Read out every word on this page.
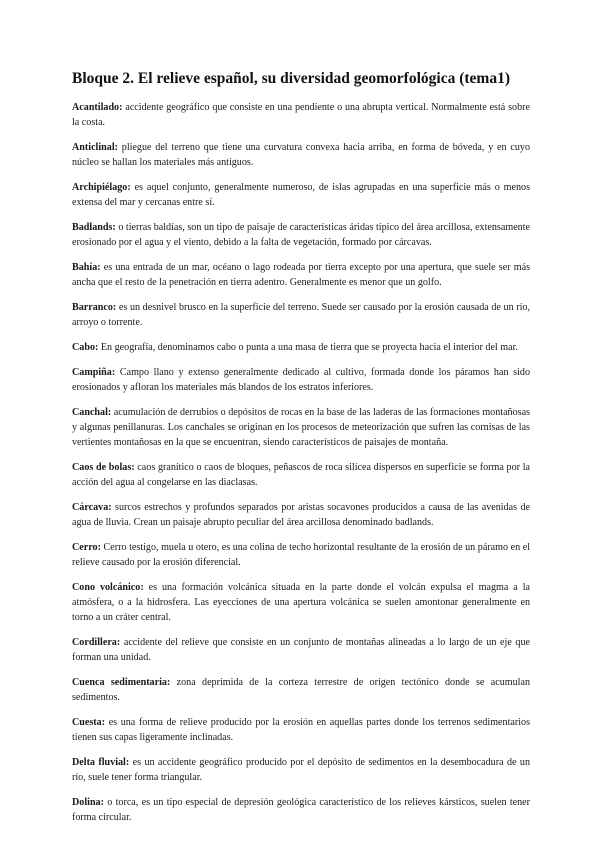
Bloque 2. El relieve español, su diversidad geomorfológica (tema1)

Acantilado: accidente geográfico que consiste en una pendiente o una abrupta vertical. Normalmente está sobre la costa.

Anticlinal: pliegue del terreno que tiene una curvatura convexa hacia arriba, en forma de bóveda, y en cuyo núcleo se hallan los materiales más antiguos.

Archipiélago: es aquel conjunto, generalmente numeroso, de islas agrupadas en una superficie más o menos extensa del mar y cercanas entre sí.

Badlands: o tierras baldías, son un tipo de paisaje de características áridas típico del área arcillosa, extensamente erosionado por el agua y el viento, debido a la falta de vegetación, formado por cárcavas.

Bahía: es una entrada de un mar, océano o lago rodeada por tierra excepto por una apertura, que suele ser más ancha que el resto de la penetración en tierra adentro. Generalmente es menor que un golfo.

Barranco: es un desnivel brusco en la superficie del terreno. Suede ser causado por la erosión causada de un río, arroyo o torrente.

Cabo: En geografía, denominamos cabo o punta a una masa de tierra que se proyecta hacia el interior del mar.

Campiña: Campo llano y extenso generalmente dedicado al cultivo, formada donde los páramos han sido erosionados y afloran los materiales más blandos de los estratos inferiores.

Canchal: acumulación de derrubios o depósitos de rocas en la base de las laderas de las formaciones montañosas y algunas penillanuras. Los canchales se originan en los procesos de meteorización que sufren las cornisas de las vertientes montañosas en la que se encuentran, siendo característicos de paisajes de montaña.

Caos de bolas: caos granítico o caos de bloques, peñascos de roca silícea dispersos en superficie se forma por la acción del agua al congelarse en las diaclasas.

Cárcava: surcos estrechos y profundos separados por aristas socavones producidos a causa de las avenidas de agua de lluvia. Crean un paisaje abrupto peculiar del área arcillosa denominado badlands.

Cerro: Cerro testigo, muela u otero, es una colina de techo horizontal resultante de la erosión de un páramo en el relieve causado por la erosión diferencial.

Cono volcánico: es una formación volcánica situada en la parte donde el volcán expulsa el magma a la atmósfera, o a la hidrosfera. Las eyecciones de una apertura volcánica se suelen amontonar generalmente en torno a un cráter central.

Cordillera: accidente del relieve que consiste en un conjunto de montañas alineadas a lo largo de un eje que forman una unidad.

Cuenca sedimentaria: zona deprimida de la corteza terrestre de origen tectónico donde se acumulan sedimentos.

Cuesta: es una forma de relieve producido por la erosión en aquellas partes donde los terrenos sedimentarios tienen sus capas ligeramente inclinadas.

Delta fluvial: es un accidente geográfico producido por el depósito de sedimentos en la desembocadura de un río, suele tener forma triangular.

Dolina: o torca, es un tipo especial de depresión geológica característico de los relieves kársticos, suelen tener forma circular.
